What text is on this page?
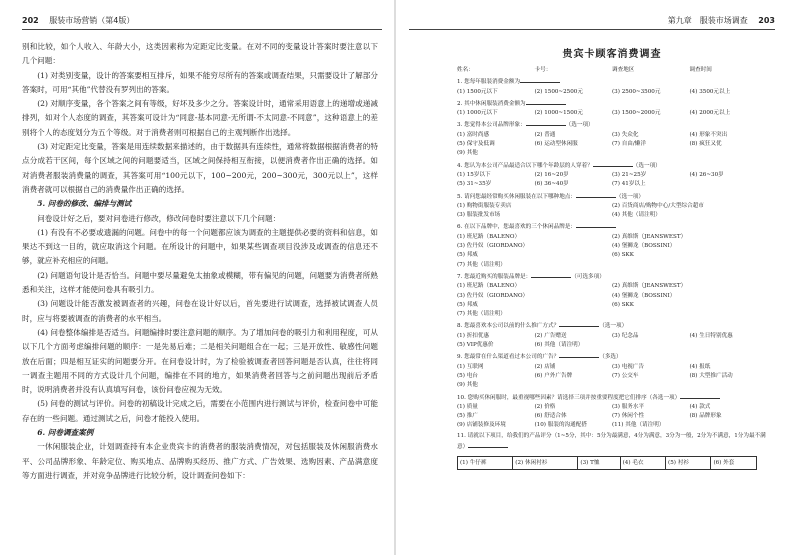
202 服装市场营销（第4版）

别和比较，如个人收入、年龄大小，这类因素称为定距定比变量。在对不同的变量设计答案时要注意以下几个问题：

(1) 对类别变量，设计的答案要相互排斥，如果不能穷尽所有的答案或调查结果，只需要设计了解部分答案时，可用“其他”代替没有罗列出的答案。

(2) 对顺序变量，各个答案之间有等级，好坏及多少之分。答案设计时，通常采用语意上的递增或递减排列，如对个人态度的调查，其答案可设计为“同意-基本同意-无所谓-不太同意-不同意”，这种语意上的差别将个人的态度划分为五个等级。对于消费者则可根据自己的主观判断作出选择。

(3) 对定距定比变量，答案是用连续数据来描述的，由于数据具有连续性，通常将数据根据消费者的特点分成若干区间，每个区域之间的问题要适当，区域之间保持相互衔接，以便消费者作出正确的选择。如对消费者服装消费量的调查，其答案可用“100元以下，100~200元，200~300元，300元以上”，这样消费者就可以根据自己的消费量作出正确的选择。

5. 问卷的修改、编排与测试

问卷设计好之后，要对问卷进行修改，修改问卷时要注意以下几个问题：

(1) 有没有不必要或遗漏的问题。问卷中的每一个问题都应该为调查的主题提供必要的资料和信息，如果达不到这一目的，就应取消这个问题。在所设计的问题中，如果某些调查项目没涉及或调查的信息还不够，就应补充相应的问题。

(2) 问题语句设计是否恰当。问题中要尽量避免太抽象或模糊，带有偏见的问题，问题要为消费者所熟悉和关注，这样才能使问卷具有吸引力。

(3) 问题设计能否激发被调查者的兴趣，问卷在设计好以后，首先要进行试调查，选择被试调查人员时，应与将要被调查的消费者的水平相当。

(4) 问卷整体编排是否适当。问题编排时要注意问题的顺序。为了增加问卷的吸引力和利用程度，可从以下几个方面考虑编排问题的顺序：一是先易后难；二是相关问题组合在一起；三是开放性、敏感性问题放在后面；四是相互证实的问题要分开。在问卷设计时，为了检验被调查者回答问题是否认真，往往将同一调查主题用不同的方式设计几个问题，编排在不同的地方，如果消费者回答与之前问题出现前后矛盾时，说明消费者并没有认真填写问卷，该份问卷应视为无效。

(5) 问卷的测试与评价。问卷的初稿设计完成之后，需要在小范围内进行测试与评价，检查问卷中可能存在的一些问题。通过测试之后，问卷才能投入使用。

6. 问卷调查案例

一休闲服装企业，计划调查持有本企业贵宾卡的消费者的服装消费情况，对包括服装及休闲服消费水平、公司品牌形象、年龄定位、购买地点、品牌购买经历、推广方式、广告效果、选购因素、产品满意度等方面进行调查，并对竞争品牌进行比较分析，设计调查问卷如下：

第九章　服装市场调查 203
贵宾卡顾客消费调查
姓名：	卡号：	调查地区	调查时间
1. 您每年服装消费金额为
(1) 1500元以下	(2) 1500~2500元	(3) 2500~3500元	(4) 3500元以上
2. 其中休闲服装消费金额为
(1) 1000元以下	(2) 1000~1500元	(3) 1500~2000元	(4) 2000元以上
3. 您觉得本公司品牌形象：	（选一项）
(1) 富时尚感	(2) 普通	(3) 失众化	(4) 形象不突出
(5) 保守及低调	(6) 运动型休闲服	(7) 自由/懒洋	(8) 疯狂又优
(9) 其他
4. 您认为本公司产品最适合以下哪个年龄层的人穿着？	（选一项）
(1) 15岁以下	(2) 16~20岁	(3) 21~25岁	(4) 26~30岁
(5) 31~35岁	(6) 36~40岁	(7) 41岁以上
5. 请问您最经常购买休闲服装在以下哪种地点：	（选一项）
(1) 购物街服装专卖店	(2) 百货商店/购物中心/大型综合超市
(3) 服装批发市场	(4) 其他（请注明）
6. 在以下品牌中，您最喜欢的三个休闲品牌是：
(1) 班尼路（BALENO）	(2) 真维斯（JEANSWEST）
(3) 佐丹奴（GIORDANO）	(4) 堡狮龙（BOSSINI）
(5) 邦威	(6) SKK
(7) 其他（请注明）
7. 您最近购买的服装品牌是：	（可选多项）
(1) 班尼路（BALENO）	(2) 真维斯（JEANSWEST）
(3) 佐丹奴（GIORDANO）	(4) 堡狮龙（BOSSINI）
(5) 邦威	(6) SKK
(7) 其他（请注明）
8. 您最喜欢本公司以前的什么推广方式？	（选一项）
(1) 折扣优惠	(2) 广告赠送	(3) 纪念品	(4) 生日特别优惠
(5) VIP优惠价	(6) 其他（请注明）
9. 您最常在什么渠道看过本公司的广告？	（多选）
(1) 互联网	(2) 店铺	(3) 电视广告	(4) 报纸
(5) 电台	(6) 户外广告牌	(7) 公交车	(8) 大型推广活动
(9) 其他
10. 您购买休闲服时，最重视哪些因素？请选择三项并按重要程度把它们排序（各选一项）
(1) 质量	(2) 价格	(3) 服务水平	(4) 款式
(5) 推广	(6) 舒适合体	(7) 休闲个性	(8) 品牌形象
(9) 店铺装修及环境	(10) 服装的沟通配搭	(11) 其他（请注明）
11. 请就以下项目，给我们的产品评分（1~5分，其中：5分为最满意，4分为满意，3分为一般，2分为不满意，1分为最不满意）
(1) 牛仔裤	(2) 休闲衬衫	(3) T恤	(4) 毛衣	(5) 衬衫	(6) 外套
